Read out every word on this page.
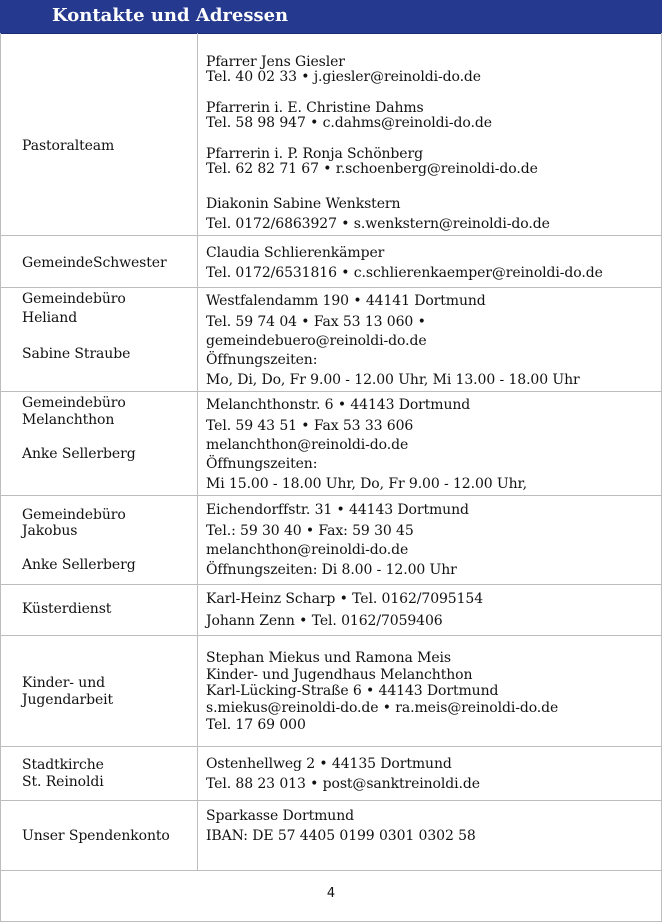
Kontakte und Adressen
Pastoralteam
Pfarrer Jens Giesler
Tel. 40 02 33 • j.giesler@reinoldi-do.de
Pfarrerin i. E. Christine Dahms
Tel. 58 98 947 • c.dahms@reinoldi-do.de
Pfarrerin i. P. Ronja Schönberg
Tel. 62 82 71 67 • r.schoenberg@reinoldi-do.de
Diakonin Sabine Wenkstern
Tel. 0172/6863927 • s.wenkstern@reinoldi-do.de
GemeindeSchwester
Claudia Schlierenkämper
Tel. 0172/6531816 • c.schlierenkaemper@reinoldi-do.de
Gemeindebüro
Heliand
Sabine Straube
Westfalendamm 190 • 44141 Dortmund
Tel. 59 74 04 • Fax 53 13 060 •
gemeindebuero@reinoldi-do.de
Öffnungszeiten:
Mo, Di, Do, Fr 9.00 - 12.00 Uhr, Mi 13.00 - 18.00 Uhr
Gemeindebüro
Melanchthon
Anke Sellerberg
Melanchthonstr. 6 • 44143 Dortmund
Tel. 59 43 51 • Fax 53 33 606
melanchthon@reinoldi-do.de
Öffnungszeiten:
Mi 15.00 - 18.00 Uhr, Do, Fr 9.00 - 12.00 Uhr,
Gemeindebüro
Jakobus
Anke Sellerberg
Eichendorffstr. 31 • 44143 Dortmund
Tel.: 59 30 40 • Fax: 59 30 45
melanchthon@reinoldi-do.de
Öffnungszeiten: Di 8.00 - 12.00 Uhr
Küsterdienst
Karl-Heinz Scharp • Tel. 0162/7095154
Johann Zenn • Tel. 0162/7059406
Kinder- und
Jugendarbeit
Stephan Miekus und Ramona Meis
Kinder- und Jugendhaus Melanchthon
Karl-Lücking-Straße 6 • 44143 Dortmund
s.miekus@reinoldi-do.de • ra.meis@reinoldi-do.de
Tel. 17 69 000
Stadtkirche
St. Reinoldi
Ostenhellweg 2 • 44135 Dortmund
Tel. 88 23 013 • post@sanktreinoldi.de
Unser Spendenkonto
Sparkasse Dortmund
IBAN: DE 57 4405 0199 0301 0302 58
4
